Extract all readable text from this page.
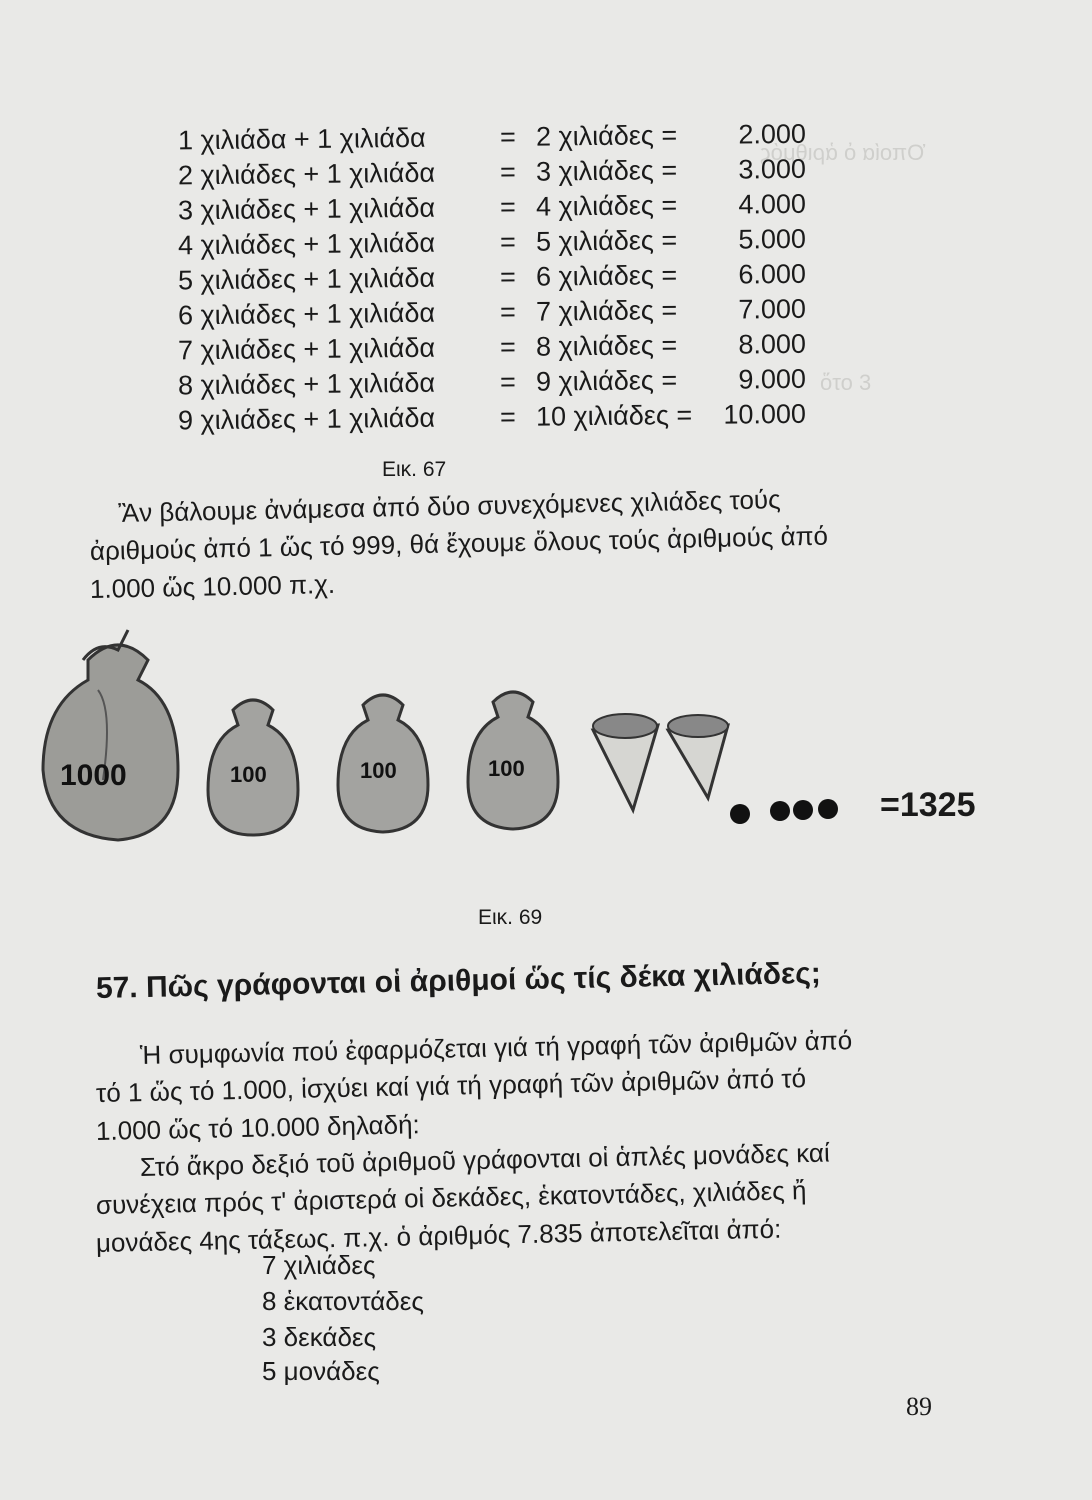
Ὁποία ὁ ἀριθμός
ὅτο 3
1 χιλιάδα + 1 χιλιάδα	= 2 χιλιάδες = 2.000
2 χιλιάδες + 1 χιλιάδα = 3 χιλιάδες = 3.000
3 χιλιάδες + 1 χιλιάδα = 4 χιλιάδες = 4.000
4 χιλιάδες + 1 χιλιάδα = 5 χιλιάδες = 5.000
5 χιλιάδες + 1 χιλιάδα = 6 χιλιάδες = 6.000
6 χιλιάδες + 1 χιλιάδα = 7 χιλιάδες = 7.000
7 χιλιάδες + 1 χιλιάδα = 8 χιλιάδες = 8.000
8 χιλιάδες + 1 χιλιάδα = 9 χιλιάδες = 9.000
9 χιλιάδες + 1 χιλιάδα = 10 χιλιάδες = 10.000
Εικ. 67
Ἂν βάλουμε ἀνάμεσα ἀπό δύο συνεχόμενες χιλιάδες τούς
ἀριθμούς ἀπό 1 ὥς τό 999, θά ἔχουμε ὅλους τούς ἀριθμούς ἀπό
1.000 ὥς 10.000 π.χ.
1000	100	100	100
=1325
Εικ. 69
57. Πῶς γράφονται οἱ ἀριθμοί ὥς τίς δέκα χιλιάδες;
Ἡ συμφωνία πού ἐφαρμόζεται γιά τή γραφή τῶν ἀριθμῶν ἀπό
τό 1 ὥς τό 1.000, ἰσχύει καί γιά τή γραφή τῶν ἀριθμῶν ἀπό τό
1.000 ὥς τό 10.000 δηλαδή:
Στό ἄκρο δεξιό τοῦ ἀριθμοῦ γράφονται οἱ ἁπλές μονάδες καί
συνέχεια πρός τ' ἀριστερά οἱ δεκάδες, ἑκατοντάδες, χιλιάδες ἤ
μονάδες 4ης τάξεως. π.χ. ὁ ἀριθμός 7.835 ἀποτελεῖται ἀπό:
7 χιλιάδες
8 ἑκατοντάδες
3 δεκάδες
5 μονάδες
89
